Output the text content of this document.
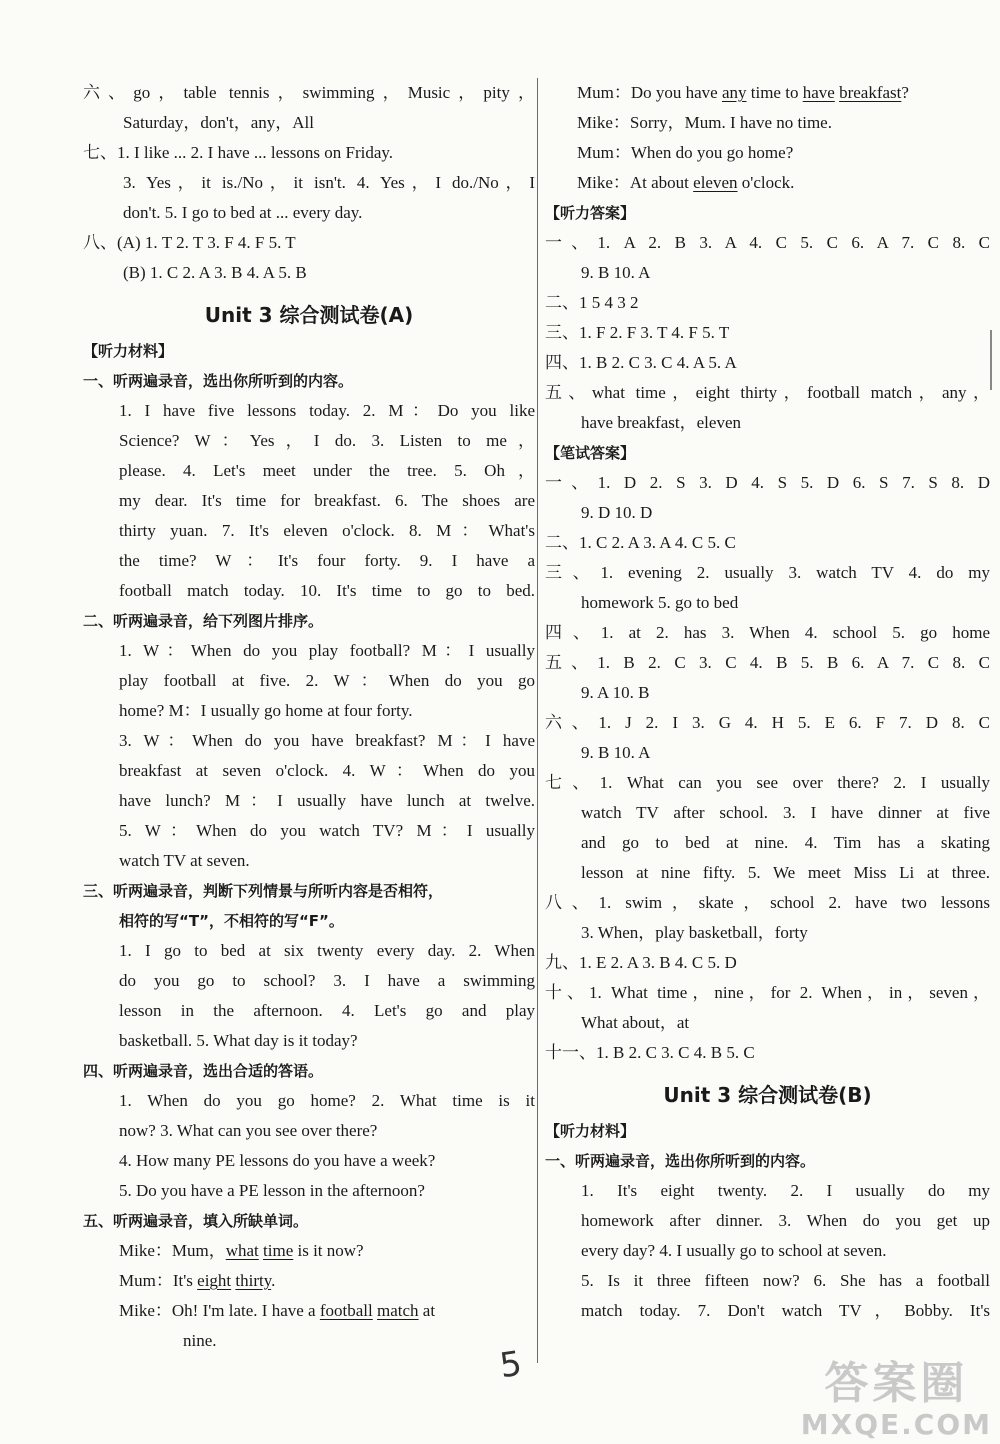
六、go，table tennis，swimming，Music，pity，
Saturday，don't，any，All
七、1. I like ... 2. I have ... lessons on Friday.
3. Yes，it is./No，it isn't. 4. Yes，I do./No，I
don't. 5. I go to bed at ... every day.
八、(A) 1. T 2. T 3. F 4. F 5. T
(B) 1. C 2. A 3. B 4. A 5. B
Unit 3 综合测试卷(A)
【听力材料】
一、听两遍录音，选出你所听到的内容。
1. I have five lessons today. 2. M：Do you like
Science? W：Yes，I do. 3. Listen to me，
please. 4. Let's meet under the tree. 5. Oh，
my dear. It's time for breakfast. 6. The shoes are
thirty yuan. 7. It's eleven o'clock. 8. M：What's
the time? W：It's four forty. 9. I have a
football match today. 10. It's time to go to bed.
二、听两遍录音，给下列图片排序。
1. W：When do you play football? M：I usually
play football at five. 2. W：When do you go
home? M：I usually go home at four forty.
3. W：When do you have breakfast? M：I have
breakfast at seven o'clock. 4. W：When do you
have lunch? M：I usually have lunch at twelve.
5. W：When do you watch TV? M：I usually
watch TV at seven.
三、听两遍录音，判断下列情景与所听内容是否相符，
相符的写“T”，不相符的写“F”。
1. I go to bed at six twenty every day. 2. When
do you go to school? 3. I have a swimming
lesson in the afternoon. 4. Let's go and play
basketball. 5. What day is it today?
四、听两遍录音，选出合适的答语。
1. When do you go home? 2. What time is it
now? 3. What can you see over there?
4. How many PE lessons do you have a week?
5. Do you have a PE lesson in the afternoon?
五、听两遍录音，填入所缺单词。
Mike：Mum，what time is it now?
Mum：It's eight thirty.
Mike：Oh! I'm late. I have a football match at
nine.
Mum：Do you have any time to have breakfast?
Mike：Sorry，Mum. I have no time.
Mum：When do you go home?
Mike：At about eleven o'clock.
【听力答案】
一、1. A 2. B 3. A 4. C 5. C 6. A 7. C 8. C
9. B 10. A
二、1 5 4 3 2
三、1. F 2. F 3. T 4. F 5. T
四、1. B 2. C 3. C 4. A 5. A
五、what time，eight thirty，football match，any，
have breakfast，eleven
【笔试答案】
一、1. D 2. S 3. D 4. S 5. D 6. S 7. S 8. D
9. D 10. D
二、1. C 2. A 3. A 4. C 5. C
三、1. evening 2. usually 3. watch TV 4. do my
homework 5. go to bed
四、1. at 2. has 3. When 4. school 5. go home
五、1. B 2. C 3. C 4. B 5. B 6. A 7. C 8. C
9. A 10. B
六、1. J 2. I 3. G 4. H 5. E 6. F 7. D 8. C
9. B 10. A
七、1. What can you see over there? 2. I usually
watch TV after school. 3. I have dinner at five
and go to bed at nine. 4. Tim has a skating
lesson at nine fifty. 5. We meet Miss Li at three.
八、1. swim，skate，school 2. have two lessons
3. When，play basketball，forty
九、1. E 2. A 3. B 4. C 5. D
十、1. What time，nine，for 2. When，in，seven，
What about，at
十一、1. B 2. C 3. C 4. B 5. C
Unit 3 综合测试卷(B)
【听力材料】
一、听两遍录音，选出你所听到的内容。
1. It's eight twenty. 2. I usually do my
homework after dinner. 3. When do you get up
every day? 4. I usually go to school at seven.
5. Is it three fifteen now? 6. She has a football
match today. 7. Don't watch TV，Bobby. It's
5	答案圈
MXQE.COM
